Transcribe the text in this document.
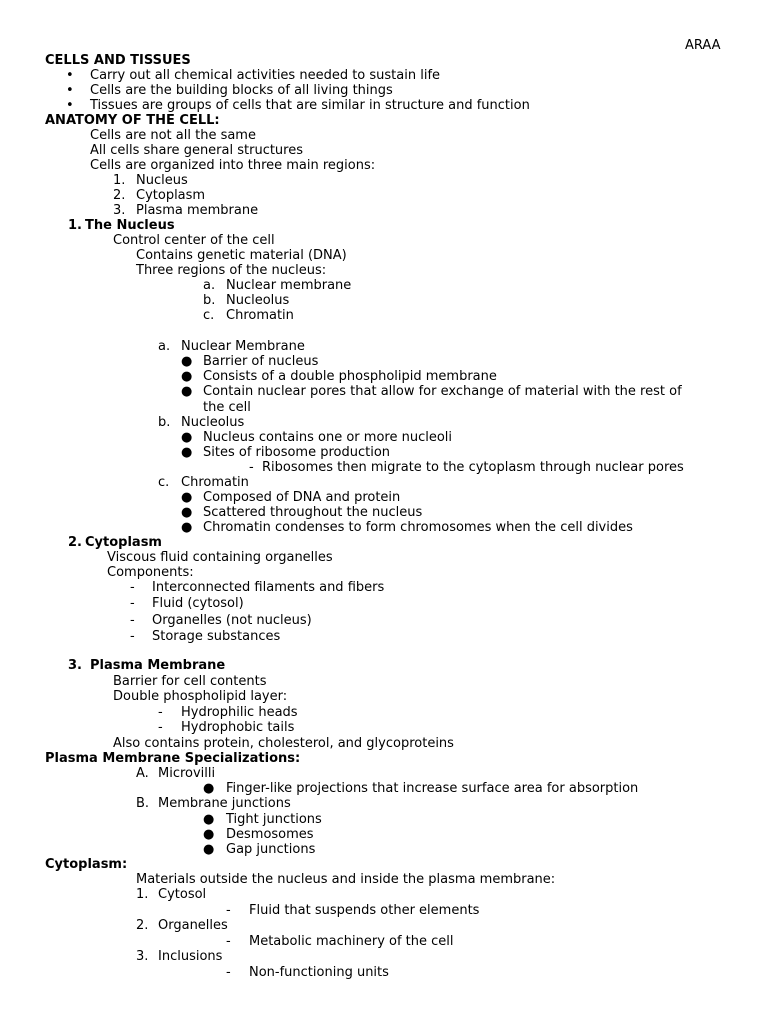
ARAA
CELLS AND TISSUES
• Carry out all chemical activities needed to sustain life
• Cells are the building blocks of all living things
• Tissues are groups of cells that are similar in structure and function
ANATOMY OF THE CELL:
Cells are not all the same
All cells share general structures
Cells are organized into three main regions:
1. Nucleus
2. Cytoplasm
3. Plasma membrane
1. The Nucleus
Control center of the cell
Contains genetic material (DNA)
Three regions of the nucleus:
a. Nuclear membrane
b. Nucleolus
c. Chromatin
a. Nuclear Membrane
● Barrier of nucleus
● Consists of a double phospholipid membrane
● Contain nuclear pores that allow for exchange of material with the rest of
the cell
b. Nucleolus
● Nucleus contains one or more nucleoli
● Sites of ribosome production
- Ribosomes then migrate to the cytoplasm through nuclear pores
c. Chromatin
● Composed of DNA and protein
● Scattered throughout the nucleus
● Chromatin condenses to form chromosomes when the cell divides
2. Cytoplasm
Viscous fluid containing organelles
Components:
- Interconnected filaments and fibers
- Fluid (cytosol)
- Organelles (not nucleus)
- Storage substances
3. Plasma Membrane
Barrier for cell contents
Double phospholipid layer:
- Hydrophilic heads
- Hydrophobic tails
Also contains protein, cholesterol, and glycoproteins
Plasma Membrane Specializations:
A. Microvilli
● Finger-like projections that increase surface area for absorption
B. Membrane junctions
● Tight junctions
● Desmosomes
● Gap junctions
Cytoplasm:
Materials outside the nucleus and inside the plasma membrane:
1. Cytosol
- Fluid that suspends other elements
2. Organelles
- Metabolic machinery of the cell
3. Inclusions
- Non-functioning units
